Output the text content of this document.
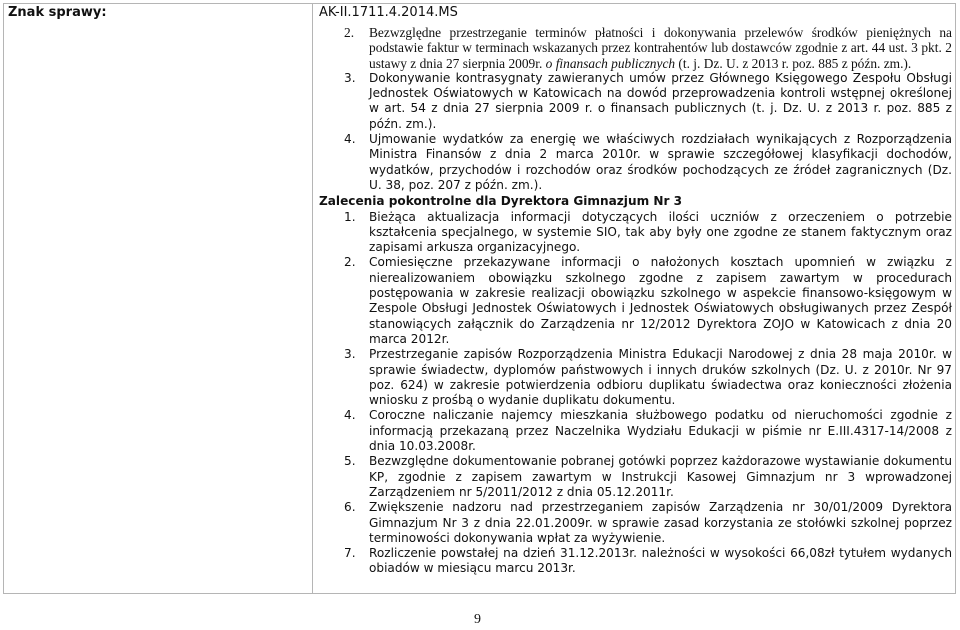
Znak sprawy:	AK-II.1711.4.2014.MS
2. Bezwzględne przestrzeganie terminów płatności i dokonywania przelewów środków pieniężnych na podstawie faktur w terminach wskazanych przez kontrahentów lub dostawców zgodnie z art. 44 ust. 3 pkt. 2 ustawy z dnia 27 sierpnia 2009r. o finansach publicznych (t. j. Dz. U. z 2013 r. poz. 885 z późn. zm.).
3. Dokonywanie kontrasygnaty zawieranych umów przez Głównego Księgowego Zespołu Obsługi Jednostek Oświatowych w Katowicach na dowód przeprowadzenia kontroli wstępnej określonej w art. 54 z dnia 27 sierpnia 2009 r. o finansach publicznych (t. j. Dz. U. z 2013 r. poz. 885 z późn. zm.).
4. Ujmowanie wydatków za energię we właściwych rozdziałach wynikających z Rozporządzenia Ministra Finansów z dnia 2 marca 2010r. w sprawie szczegółowej klasyfikacji dochodów, wydatków, przychodów i rozchodów oraz środków pochodzących ze źródeł zagranicznych (Dz. U. 38, poz. 207 z późn. zm.).
Zalecenia pokontrolne dla Dyrektora Gimnazjum Nr 3
1. Bieżąca aktualizacja informacji dotyczących ilości uczniów z orzeczeniem o potrzebie kształcenia specjalnego, w systemie SIO, tak aby były one zgodne ze stanem faktycznym oraz zapisami arkusza organizacyjnego.
2. Comiesięczne przekazywane informacji o nałożonych kosztach upomnień w związku z nierealizowaniem obowiązku szkolnego zgodne z zapisem zawartym w procedurach postępowania w zakresie realizacji obowiązku szkolnego w aspekcie finansowo-księgowym w Zespole Obsługi Jednostek Oświatowych i Jednostek Oświatowych obsługiwanych przez Zespół stanowiących załącznik do Zarządzenia nr 12/2012 Dyrektora ZOJO w Katowicach z dnia 20 marca 2012r.
3. Przestrzeganie zapisów Rozporządzenia Ministra Edukacji Narodowej z dnia 28 maja 2010r. w sprawie świadectw, dyplomów państwowych i innych druków szkolnych (Dz. U. z 2010r. Nr 97 poz. 624) w zakresie potwierdzenia odbioru duplikatu świadectwa oraz konieczności złożenia wniosku z prośbą o wydanie duplikatu dokumentu.
4. Coroczne naliczanie najemcy mieszkania służbowego podatku od nieruchomości zgodnie z informacją przekazaną przez Naczelnika Wydziału Edukacji w piśmie nr E.III.4317-14/2008 z dnia 10.03.2008r.
5. Bezwzględne dokumentowanie pobranej gotówki poprzez każdorazowe wystawianie dokumentu KP, zgodnie z zapisem zawartym w Instrukcji Kasowej Gimnazjum nr 3 wprowadzonej Zarządzeniem nr 5/2011/2012 z dnia 05.12.2011r.
6. Zwiększenie nadzoru nad przestrzeganiem zapisów Zarządzenia nr 30/01/2009 Dyrektora Gimnazjum Nr 3 z dnia 22.01.2009r. w sprawie zasad korzystania ze stołówki szkolnej poprzez terminowości dokonywania wpłat za wyżywienie.
7. Rozliczenie powstałej na dzień 31.12.2013r. należności w wysokości 66,08zł tytułem wydanych obiadów w miesiącu marcu 2013r.
9
